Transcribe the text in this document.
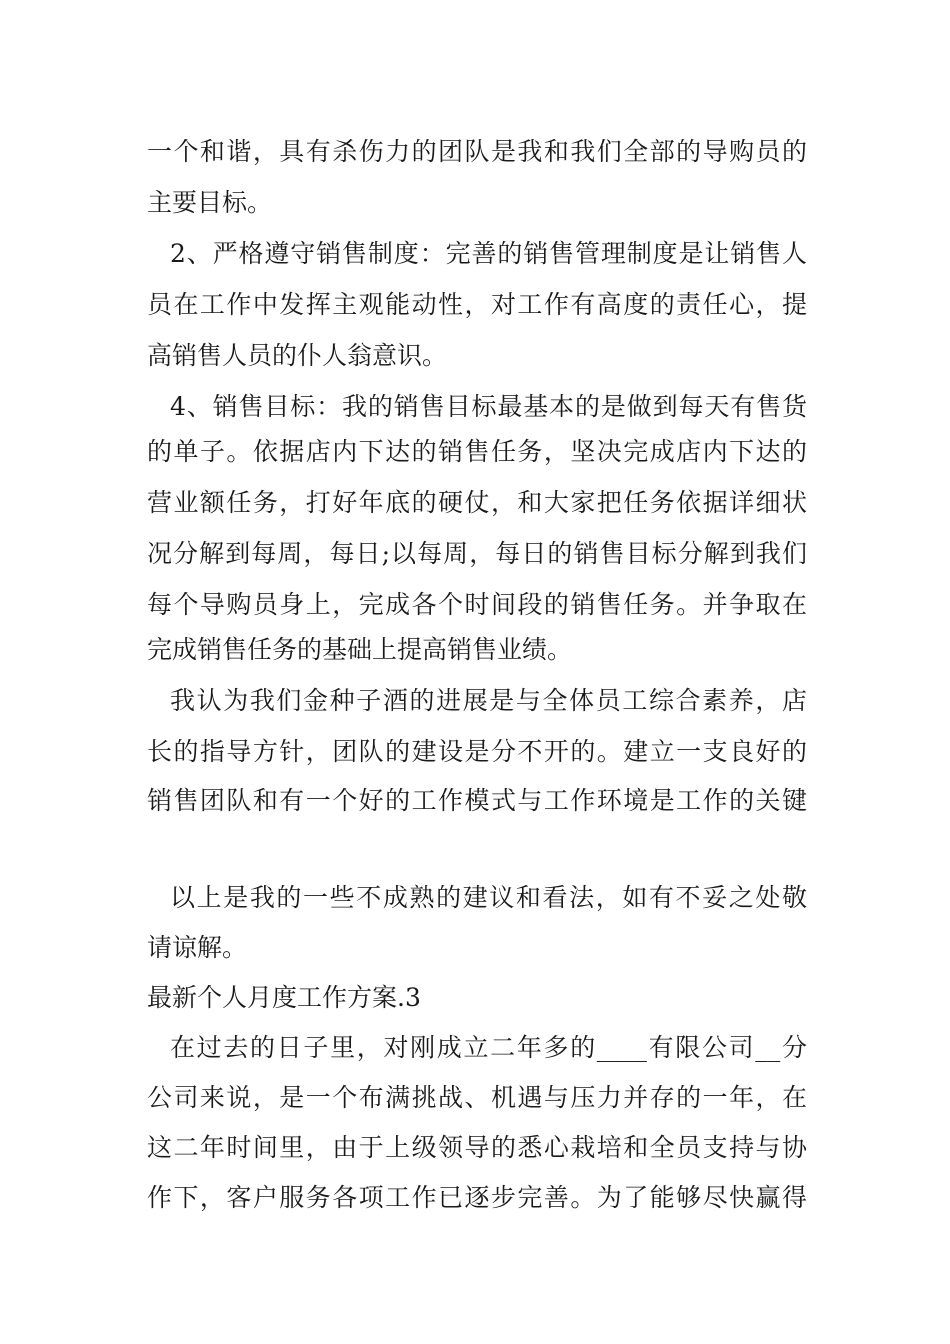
一个和谐，具有杀伤力的团队是我和我们全部的导购员的
主要目标。
2、严格遵守销售制度：完善的销售管理制度是让销售人
员在工作中发挥主观能动性，对工作有高度的责任心，提
高销售人员的仆人翁意识。
4、销售目标：我的销售目标最基本的是做到每天有售货
的单子。依据店内下达的销售任务，坚决完成店内下达的
营业额任务，打好年底的硬仗，和大家把任务依据详细状
况分解到每周，每日;以每周，每日的销售目标分解到我们
每个导购员身上，完成各个时间段的销售任务。并争取在
完成销售任务的基础上提高销售业绩。
我认为我们金种子酒的进展是与全体员工综合素养，店
长的指导方针，团队的建设是分不开的。建立一支良好的
销售团队和有一个好的工作模式与工作环境是工作的关键
以上是我的一些不成熟的建议和看法，如有不妥之处敬
请谅解。
最新个人月度工作方案.3
在过去的日子里，对刚成立二年多的____有限公司__分
公司来说，是一个布满挑战、机遇与压力并存的一年，在
这二年时间里，由于上级领导的悉心栽培和全员支持与协
作下，客户服务各项工作已逐步完善。为了能够尽快赢得
